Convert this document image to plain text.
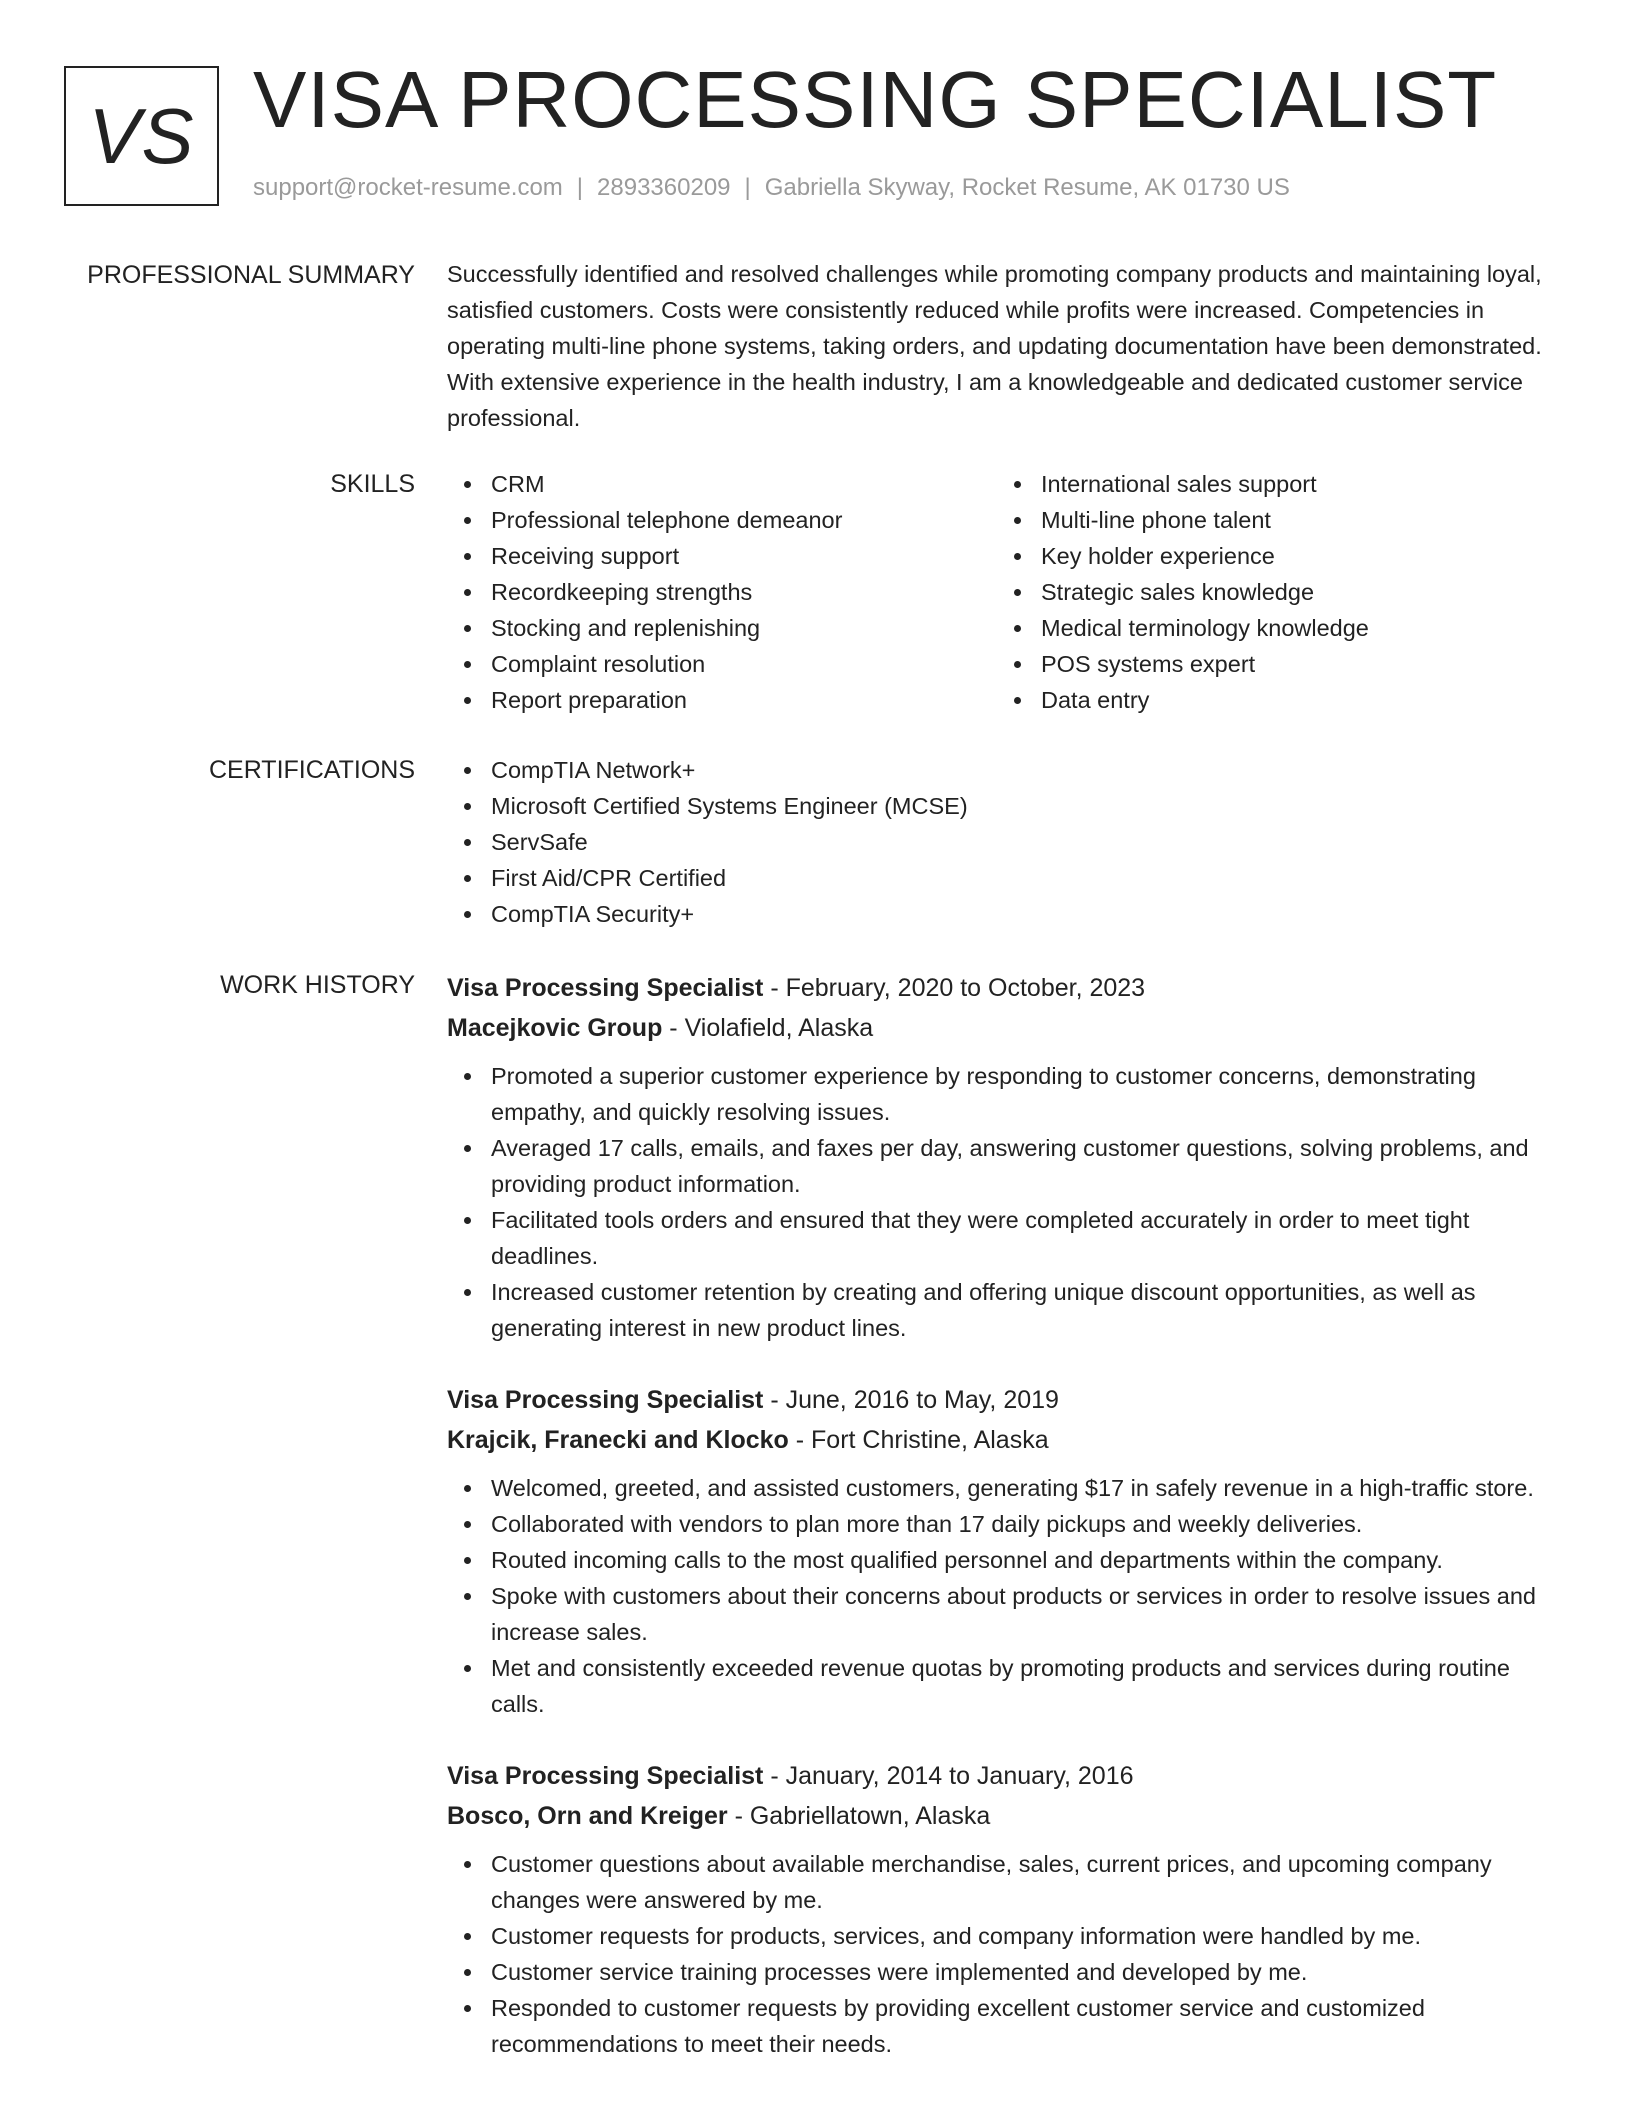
VS VISA PROCESSING SPECIALIST
support@rocket-resume.com | 2893360209 | Gabriella Skyway, Rocket Resume, AK 01730 US
PROFESSIONAL SUMMARY Successfully identified and resolved challenges while promoting company products and maintaining loyal, satisfied customers. Costs were consistently reduced while profits were increased. Competencies in operating multi-line phone systems, taking orders, and updating documentation have been demonstrated. With extensive experience in the health industry, I am a knowledgeable and dedicated customer service professional.

SKILLS	CRM
Professional telephone demeanor
Receiving support
Recordkeeping strengths
Stocking and replenishing
Complaint resolution
Report preparation
International sales support
Multi-line phone talent
Key holder experience
Strategic sales knowledge
Medical terminology knowledge
POS systems expert
Data entry
CERTIFICATIONS	CompTIA Network+
Microsoft Certified Systems Engineer (MCSE)
ServSafe
First Aid/CPR Certified
CompTIA Security+
WORK HISTORY Visa Processing Specialist - February, 2020 to October, 2023
Macejkovic Group - Violafield, Alaska
Promoted a superior customer experience by responding to customer concerns, demonstrating empathy, and quickly resolving issues.
Averaged 17 calls, emails, and faxes per day, answering customer questions, solving problems, and providing product information.
Facilitated tools orders and ensured that they were completed accurately in order to meet tight deadlines.
Increased customer retention by creating and offering unique discount opportunities, as well as generating interest in new product lines.
Visa Processing Specialist - June, 2016 to May, 2019
Krajcik, Franecki and Klocko - Fort Christine, Alaska
Welcomed, greeted, and assisted customers, generating $17 in safely revenue in a high-traffic store.
Collaborated with vendors to plan more than 17 daily pickups and weekly deliveries.
Routed incoming calls to the most qualified personnel and departments within the company.
Spoke with customers about their concerns about products or services in order to resolve issues and increase sales.
Met and consistently exceeded revenue quotas by promoting products and services during routine calls.
Visa Processing Specialist - January, 2014 to January, 2016
Bosco, Orn and Kreiger - Gabriellatown, Alaska
Customer questions about available merchandise, sales, current prices, and upcoming company changes were answered by me.
Customer requests for products, services, and company information were handled by me.
Customer service training processes were implemented and developed by me.
Responded to customer requests by providing excellent customer service and customized recommendations to meet their needs.
